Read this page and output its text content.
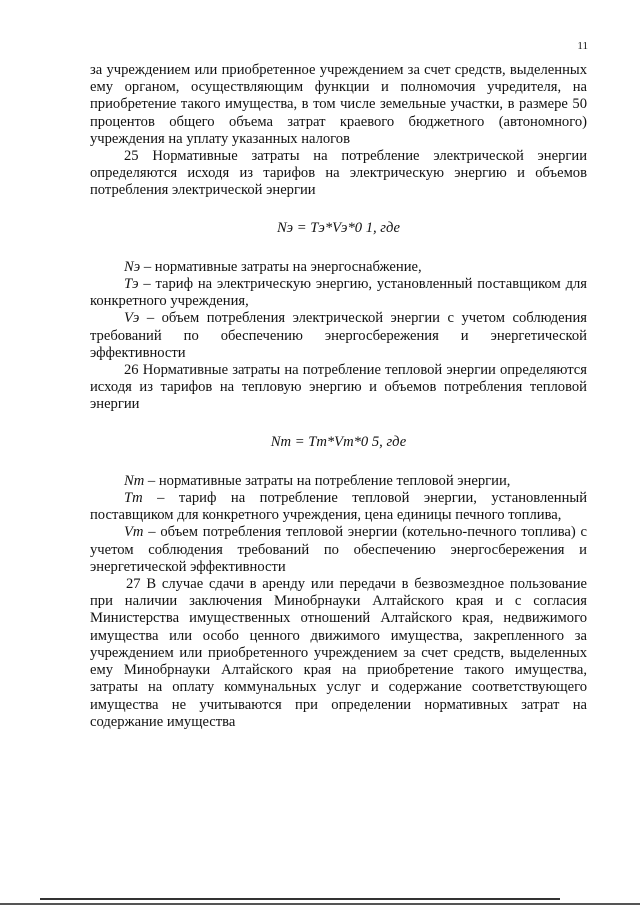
11

за учреждением или приобретенное учреждением за счет средств, выделенных ему органом, осуществляющим функции и полномочия учредителя, на приобретение такого имущества, в том числе земельные участки, в размере 50 процентов общего объема затрат краевого бюджетного (автономного) учреждения на уплату указанных налогов

25 Нормативные затраты на потребление электрической энергии определяются исходя из тарифов на электрическую энергию и объемов потребления электрической энергии

Nэ = Tэ*Vэ*0 1, где

Nэ – нормативные затраты на энергоснабжение,

Tэ – тариф на электрическую энергию, установленный поставщиком для конкретного учреждения,

Vэ – объем потребления электрической энергии с учетом соблюдения требований по обеспечению энергосбережения и энергетической эффективности

26 Нормативные затраты на потребление тепловой энергии определяются исходя из тарифов на тепловую энергию и объемов потребления тепловой энергии

Nm = Tm*Vm*0 5, где

Nm – нормативные затраты на потребление тепловой энергии,

Tm – тариф на потребление тепловой энергии, установленный поставщиком для конкретного учреждения, цена единицы печного топлива,

Vm – объем потребления тепловой энергии (котельно-печного топлива) с учетом соблюдения требований по обеспечению энергосбережения и энергетической эффективности

27 В случае сдачи в аренду или передачи в безвозмездное пользование при наличии заключения Минобрнауки Алтайского края и с согласия Министерства имущественных отношений Алтайского края, недвижимого имущества или особо ценного движимого имущества, закрепленного за учреждением или приобретенного учреждением за счет средств, выделенных ему Минобрнауки Алтайского края на приобретение такого имущества, затраты на оплату коммунальных услуг и содержание соответствующего имущества не учитываются при определении нормативных затрат на содержание имущества
